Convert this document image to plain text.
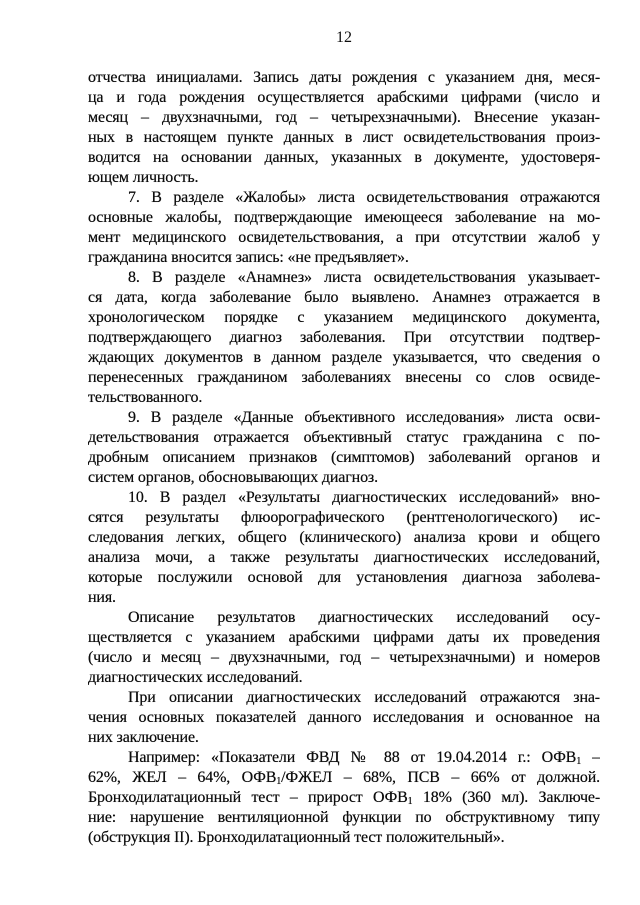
12
отчества инициалами. Запись даты рождения с указанием дня, меся-
ца и года рождения осуществляется арабскими цифрами (число и
месяц – двухзначными, год – четырехзначными). Внесение указан-
ных в настоящем пункте данных в лист освидетельствования произ-
водится на основании данных, указанных в документе, удостоверя-
ющем личность.
7. В разделе «Жалобы» листа освидетельствования отражаются
основные жалобы, подтверждающие имеющееся заболевание на мо-
мент медицинского освидетельствования, а при отсутствии жалоб у
гражданина вносится запись: «не предъявляет».
8. В разделе «Анамнез» листа освидетельствования указывает-
ся дата, когда заболевание было выявлено. Анамнез отражается в
хронологическом порядке с указанием медицинского документа,
подтверждающего диагноз заболевания. При отсутствии подтвер-
ждающих документов в данном разделе указывается, что сведения о
перенесенных гражданином заболеваниях внесены со слов освиде-
тельствованного.
9. В разделе «Данные объективного исследования» листа осви-
детельствования отражается объективный статус гражданина с по-
дробным описанием признаков (симптомов) заболеваний органов и
систем органов, обосновывающих диагноз.
10. В раздел «Результаты диагностических исследований» вно-
сятся результаты флюорографического (рентгенологического) ис-
следования легких, общего (клинического) анализа крови и общего
анализа мочи, а также результаты диагностических исследований,
которые послужили основой для установления диагноза заболева-
ния.
Описание результатов диагностических исследований осу-
ществляется с указанием арабскими цифрами даты их проведения
(число и месяц – двухзначными, год – четырехзначными) и номеров
диагностических исследований.
При описании диагностических исследований отражаются зна-
чения основных показателей данного исследования и основанное на
них заключение.
Например: «Показатели ФВД № 88 от 19.04.2014 г.: $ОФВ_1$ –
62%, ЖЕЛ – 64%, $ОФВ_1$/ФЖЕЛ – 68%, ПСВ – 66% от должной.
Бронходилатационный тест – прирост $ОФВ_1$ 18% (360 мл). Заключе-
ние: нарушение вентиляционной функции по обструктивному типу
(обструкция II). Бронходилатационный тест положительный».
